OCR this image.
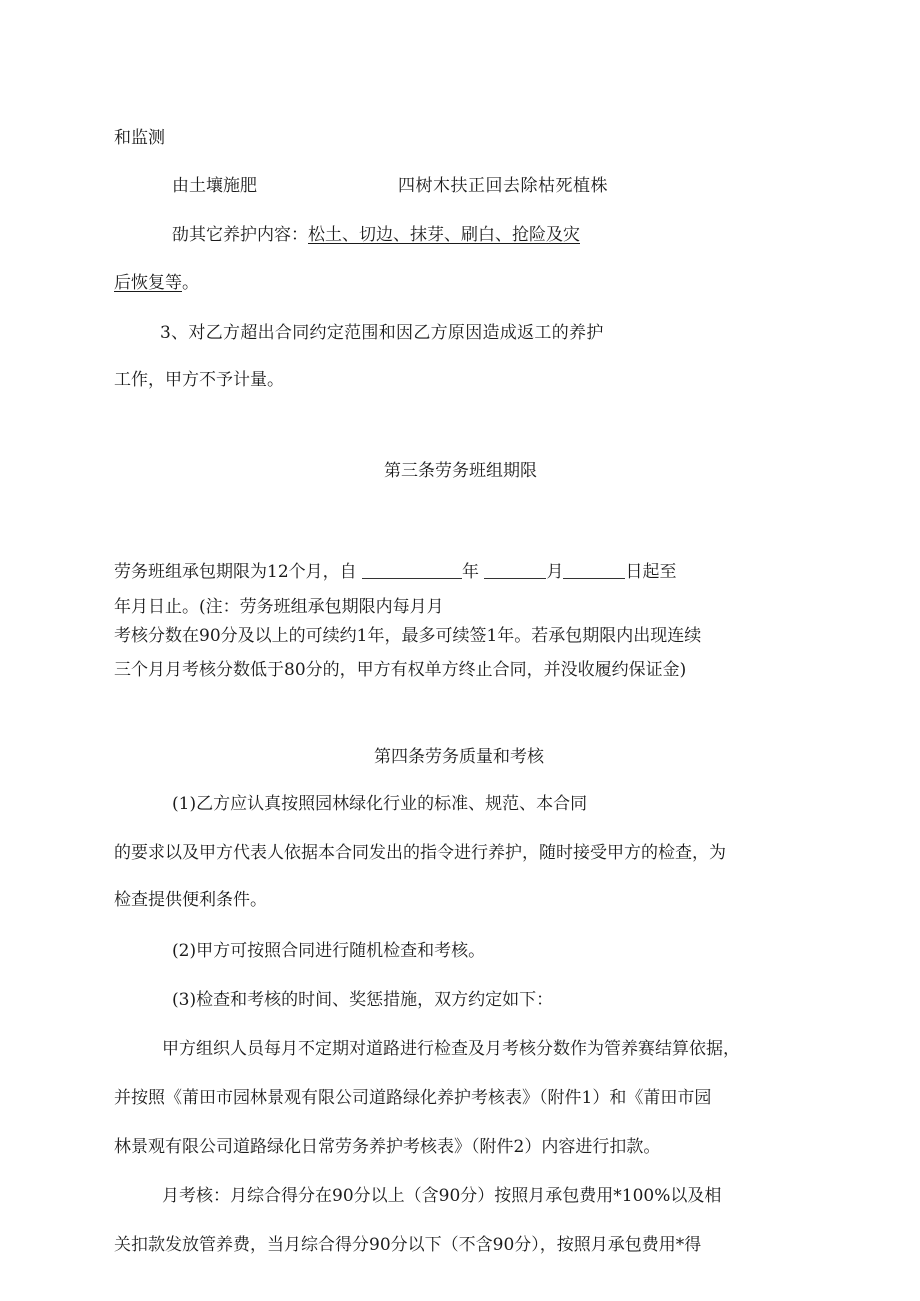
和监测
由土壤施肥	四树木扶正回去除枯死植株
劭其它养护内容：松土、切边、抹芽、刷白、抢险及灾
后恢复等。
3、对乙方超出合同约定范围和因乙方原因造成返工的养护
工作，甲方不予计量。
第三条劳务班组期限
劳务班组承包期限为12个月，自	年	月	日起至
年月日止。(注：劳务班组承包期限内每月月
考核分数在90分及以上的可续约1年，最多可续签1年。若承包期限内出现连续
三个月月考核分数低于80分的，甲方有权单方终止合同，并没收履约保证金)
第四条劳务质量和考核
(1)乙方应认真按照园林绿化行业的标准、规范、本合同
的要求以及甲方代表人依据本合同发出的指令进行养护，随时接受甲方的检查，为
检查提供便利条件。
(2)甲方可按照合同进行随机检查和考核。
(3)检查和考核的时间、奖惩措施，双方约定如下：
甲方组织人员每月不定期对道路进行检查及月考核分数作为管养赛结算依据，
并按照《莆田市园林景观有限公司道路绿化养护考核表》（附件1）和《莆田市园
林景观有限公司道路绿化日常劳务养护考核表》（附件2）内容进行扣款。
月考核：月综合得分在90分以上（含90分）按照月承包费用*100%以及相
关扣款发放管养费，当月综合得分90分以下（不含90分），按照月承包费用*得
